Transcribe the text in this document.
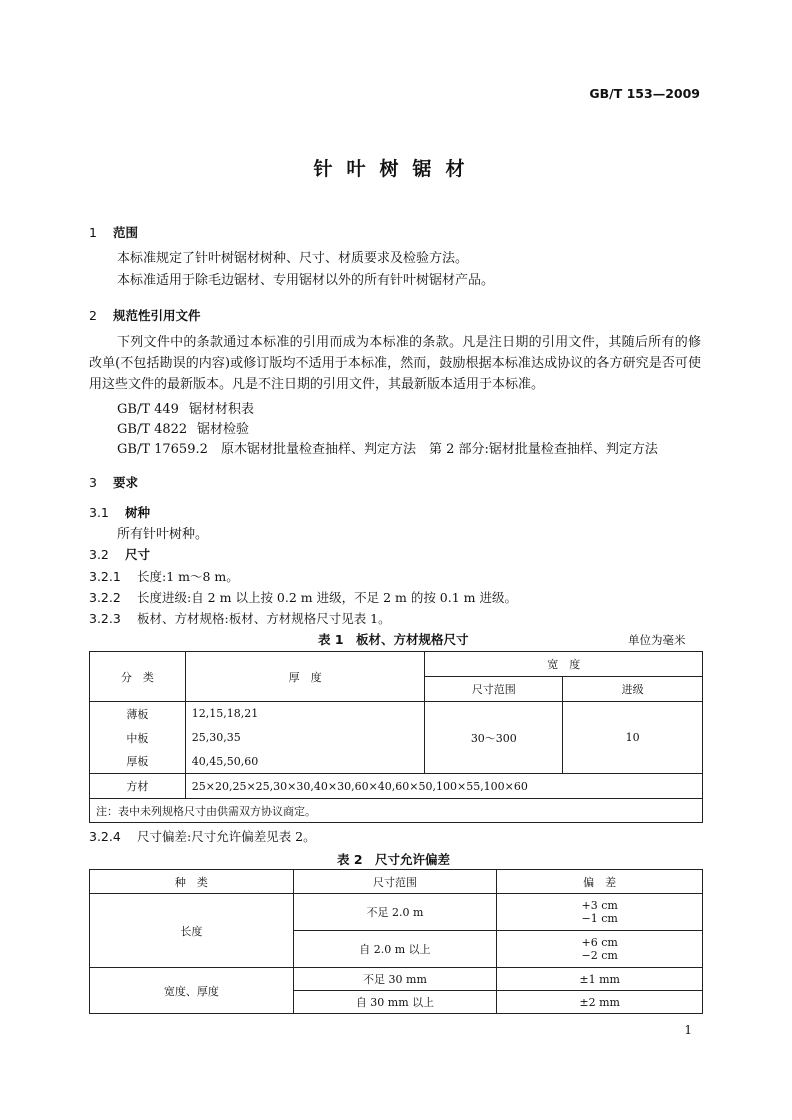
GB/T 153—2009
针叶树锯材
1 范围
本标准规定了针叶树锯材树种、尺寸、材质要求及检验方法。
本标准适用于除毛边锯材、专用锯材以外的所有针叶树锯材产品。
2 规范性引用文件
下列文件中的条款通过本标准的引用而成为本标准的条款。凡是注日期的引用文件，其随后所有的修改单(不包括勘误的内容)或修订版均不适用于本标准，然而，鼓励根据本标准达成协议的各方研究是否可使用这些文件的最新版本。凡是不注日期的引用文件，其最新版本适用于本标准。
GB/T 449 锯材材积表
GB/T 4822 锯材检验
GB/T 17659.2 原木锯材批量检查抽样、判定方法　第 2 部分:锯材批量检查抽样、判定方法
3 要求
3.1 树种
所有针叶树种。
3.2 尺寸
3.2.1 长度:1 m～8 m。
3.2.2 长度进级:自 2 m 以上按 0.2 m 进级，不足 2 m 的按 0.1 m 进级。
3.2.3 板材、方材规格:板材、方材规格尺寸见表 1。
表 1　板材、方材规格尺寸	单位为毫米
分　类	厚　度	宽　度	
		尺寸范围	进级
薄板	12,15,18,21	30～300	10
中板	25,30,35		
厚板	40,45,50,60		
方材	25×20,25×25,30×30,40×30,60×40,60×50,100×55,100×60		
注：表中未列规格尺寸由供需双方协议商定。			
3.2.4 尺寸偏差:尺寸允许偏差见表 2。
表 2　尺寸允许偏差
种　类	尺寸范围	偏　差
长度	不足 2.0 m	+3 cm
−1 cm

	自 2.0 m 以上	+6 cm
−2 cm

宽度、厚度	不足 30 mm	±1 mm
	自 30 mm 以上	±2 mm
1
